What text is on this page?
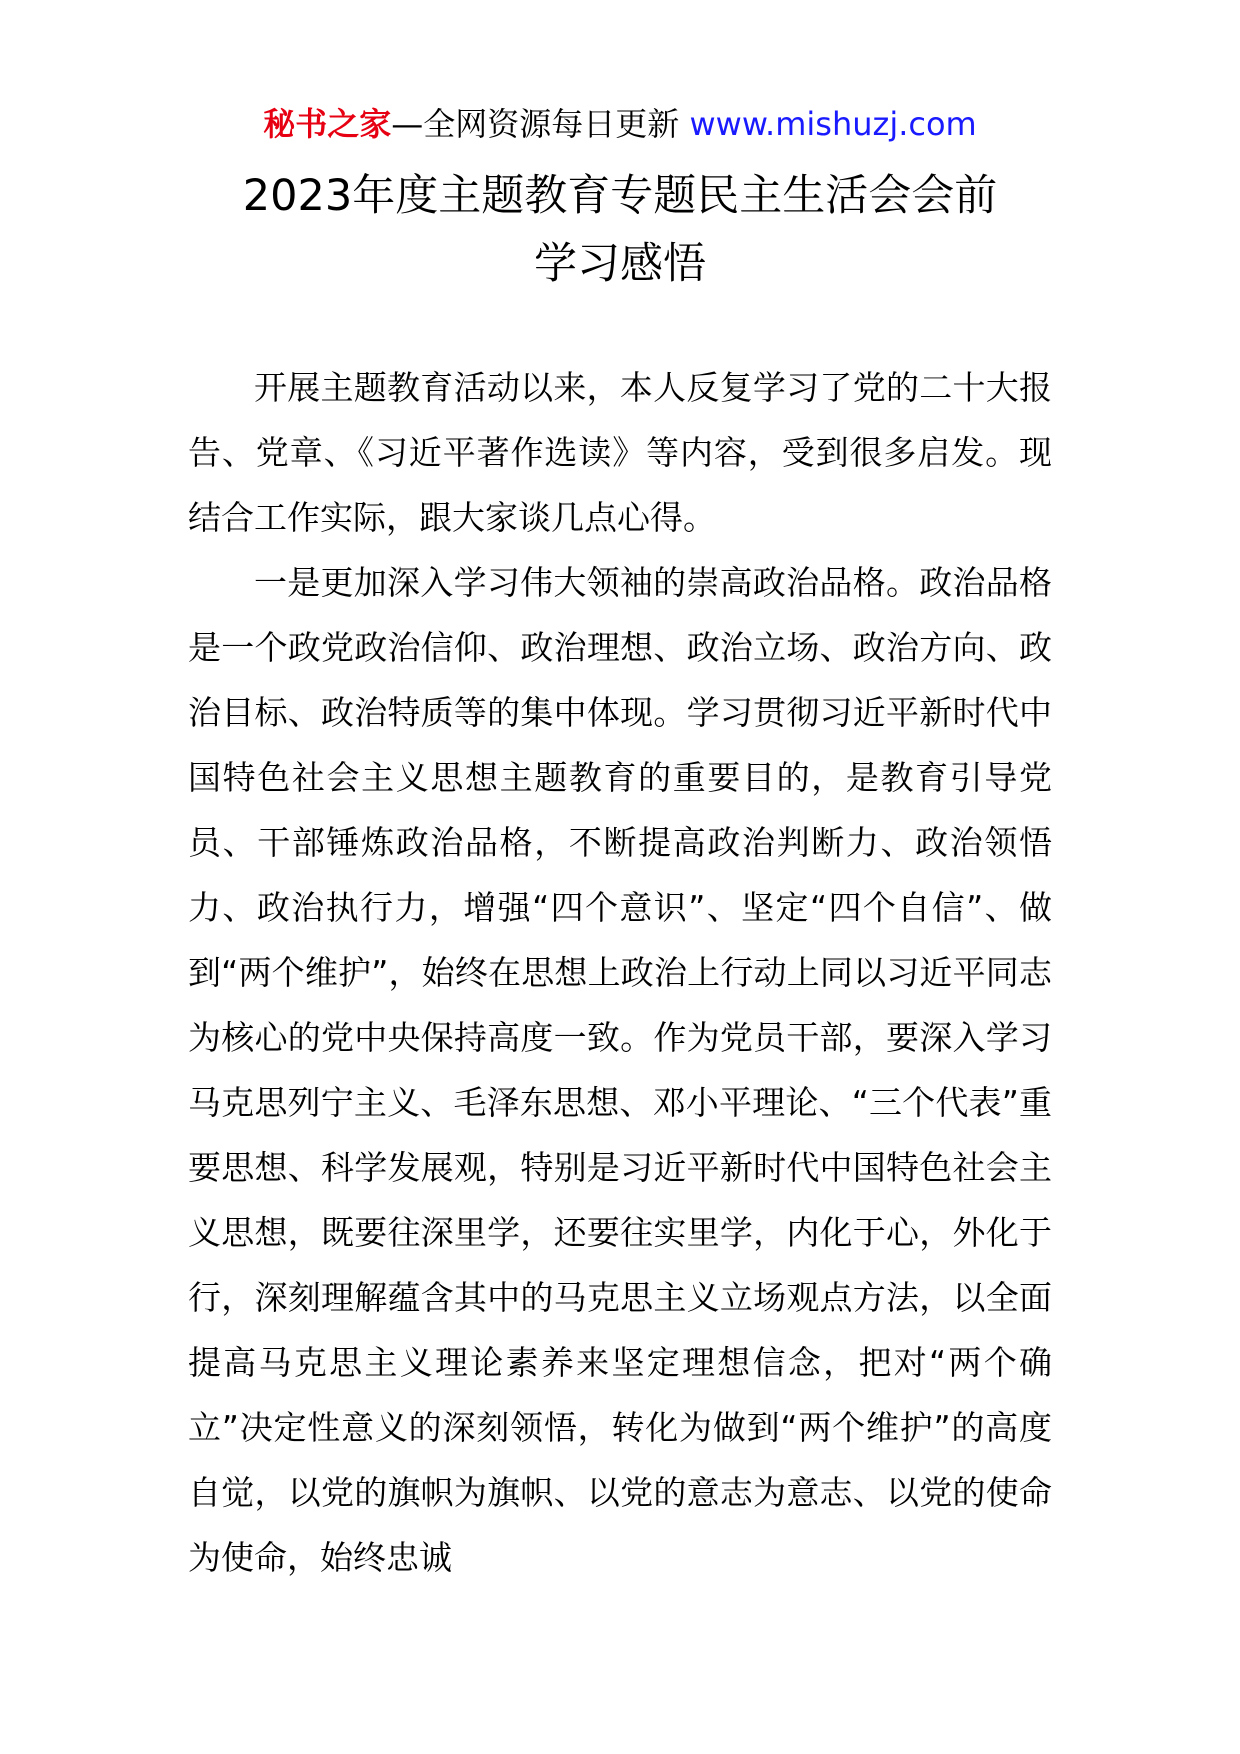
秘书之家—全网资源每日更新 www.mishuzj.com
2023年度主题教育专题民主生活会会前
学习感悟

开展主题教育活动以来，本人反复学习了党的二十大报告、党章、《习近平著作选读》等内容，受到很多启发。现结合工作实际，跟大家谈几点心得。

一是更加深入学习伟大领袖的崇高政治品格。政治品格是一个政党政治信仰、政治理想、政治立场、政治方向、政治目标、政治特质等的集中体现。学习贯彻习近平新时代中国特色社会主义思想主题教育的重要目的，是教育引导党员、干部锤炼政治品格，不断提高政治判断力、政治领悟力、政治执行力，增强“四个意识”、坚定“四个自信”、做到“两个维护”，始终在思想上政治上行动上同以习近平同志为核心的党中央保持高度一致。作为党员干部，要深入学习马克思列宁主义、毛泽东思想、邓小平理论、“三个代表”重要思想、科学发展观，特别是习近平新时代中国特色社会主义思想，既要往深里学，还要往实里学，内化于心，外化于行，深刻理解蕴含其中的马克思主义立场观点方法，以全面提高马克思主义理论素养来坚定理想信念，把对“两个确立”决定性意义的深刻领悟，转化为做到“两个维护”的高度自觉，以党的旗帜为旗帜、以党的意志为意志、以党的使命为使命，始终忠诚
